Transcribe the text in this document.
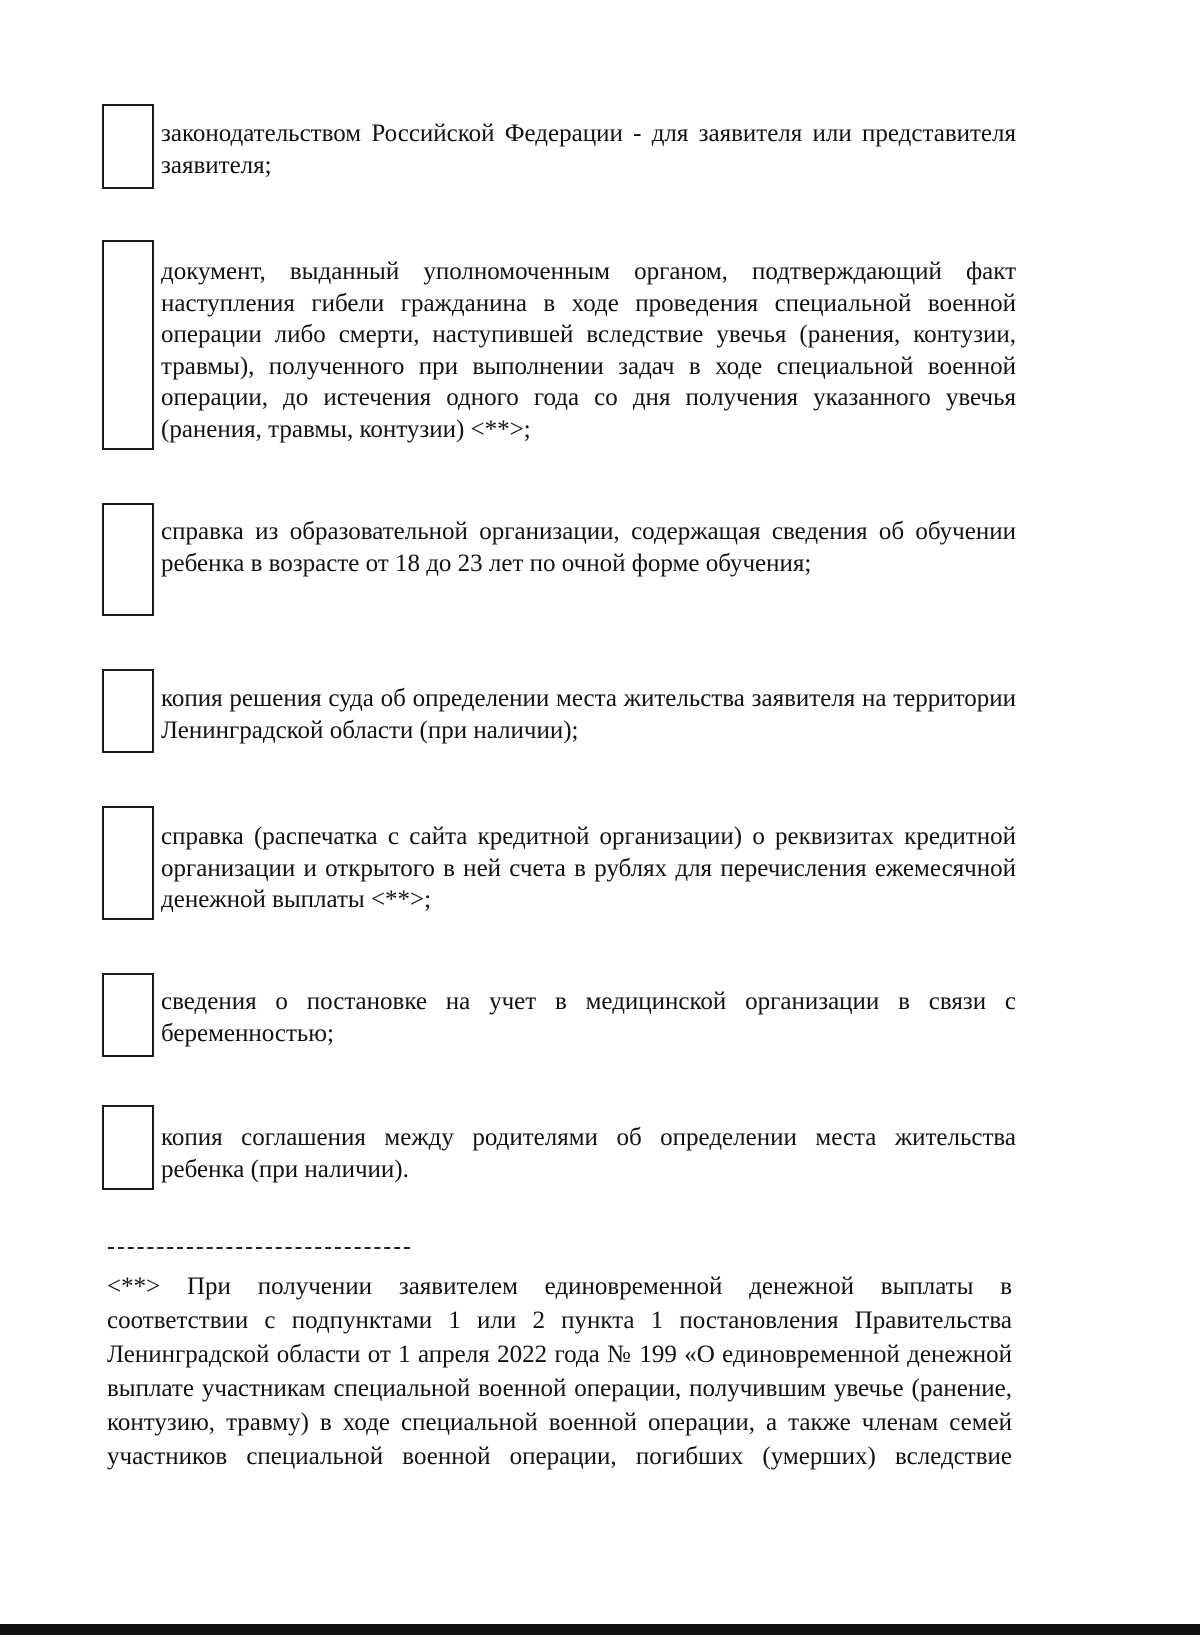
законодательством Российской Федерации - для заявителя или представителя заявителя;

документ, выданный уполномоченным органом, подтверждающий факт наступления гибели гражданина в ходе проведения специальной военной операции либо смерти, наступившей вследствие увечья (ранения, контузии, травмы), полученного при выполнении задач в ходе специальной военной операции, до истечения одного года со дня получения указанного увечья (ранения, травмы, контузии) <**>;

справка из образовательной организации, содержащая сведения об обучении ребенка в возрасте от 18 до 23 лет по очной форме обучения;

копия решения суда об определении места жительства заявителя на территории Ленинградской области (при наличии);

справка (распечатка с сайта кредитной организации) о реквизитах кредитной организации и открытого в ней счета в рублях для перечисления ежемесячной денежной выплаты <**>;

сведения о постановке на учет в медицинской организации в связи с беременностью;

копия соглашения между родителями об определении места жительства ребенка (при наличии).

<**> При получении заявителем единовременной денежной выплаты в соответствии с подпунктами 1 или 2 пункта 1 постановления Правительства Ленинградской области от 1 апреля 2022 года № 199 «О единовременной денежной выплате участникам специальной военной операции, получившим увечье (ранение, контузию, травму) в ходе специальной военной операции, а также членам семей участников специальной военной операции, погибших (умерших) вследствие
